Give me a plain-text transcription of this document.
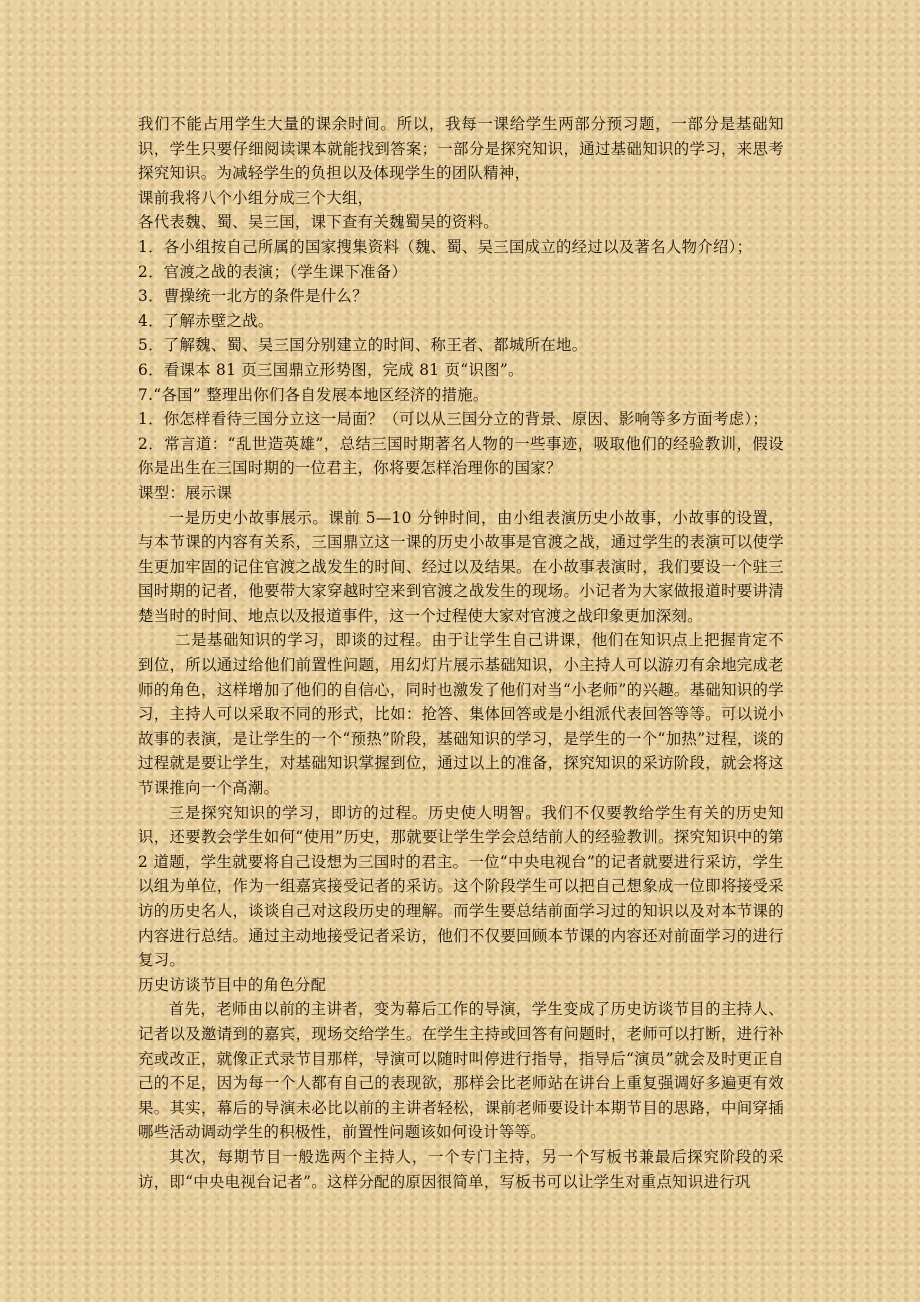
我们不能占用学生大量的课余时间。所以，我每一课给学生两部分预习题，一部分是基础知识，学生只要仔细阅读课本就能找到答案；一部分是探究知识，通过基础知识的学习，来思考探究知识。为减轻学生的负担以及体现学生的团队精神，

课前我将八个小组分成三个大组，

各代表魏、蜀、吴三国，课下查有关魏蜀吴的资料。

1．各小组按自己所属的国家搜集资料（魏、蜀、吴三国成立的经过以及著名人物介绍）；

2．官渡之战的表演；（学生课下准备）

3．曹操统一北方的条件是什么？

4．了解赤壁之战。

5．了解魏、蜀、吴三国分别建立的时间、称王者、都城所在地。

6．看课本 81 页三国鼎立形势图，完成 81 页“识图”。

7.“各国” 整理出你们各自发展本地区经济的措施。

1．你怎样看待三国分立这一局面？（可以从三国分立的背景、原因、影响等多方面考虑）；

2．常言道：“乱世造英雄”，总结三国时期著名人物的一些事迹，吸取他们的经验教训，假设你是出生在三国时期的一位君主，你将要怎样治理你的国家？

课型：展示课

一是历史小故事展示。课前 5—10 分钟时间，由小组表演历史小故事，小故事的设置，与本节课的内容有关系，三国鼎立这一课的历史小故事是官渡之战，通过学生的表演可以使学生更加牢固的记住官渡之战发生的时间、经过以及结果。在小故事表演时，我们要设一个驻三国时期的记者，他要带大家穿越时空来到官渡之战发生的现场。小记者为大家做报道时要讲清楚当时的时间、地点以及报道事件，这一个过程使大家对官渡之战印象更加深刻。

二是基础知识的学习，即谈的过程。由于让学生自己讲课，他们在知识点上把握肯定不到位，所以通过给他们前置性问题，用幻灯片展示基础知识，小主持人可以游刃有余地完成老师的角色，这样增加了他们的自信心，同时也激发了他们对当“小老师”的兴趣。基础知识的学习，主持人可以采取不同的形式，比如：抢答、集体回答或是小组派代表回答等等。可以说小故事的表演，是让学生的一个“预热”阶段，基础知识的学习，是学生的一个“加热”过程，谈的过程就是要让学生，对基础知识掌握到位，通过以上的准备，探究知识的采访阶段，就会将这节课推向一个高潮。

三是探究知识的学习，即访的过程。历史使人明智。我们不仅要教给学生有关的历史知识，还要教会学生如何“使用”历史，那就要让学生学会总结前人的经验教训。探究知识中的第 2 道题，学生就要将自己设想为三国时的君主。一位“中央电视台”的记者就要进行采访，学生以组为单位，作为一组嘉宾接受记者的采访。这个阶段学生可以把自己想象成一位即将接受采访的历史名人，谈谈自己对这段历史的理解。而学生要总结前面学习过的知识以及对本节课的内容进行总结。通过主动地接受记者采访，他们不仅要回顾本节课的内容还对前面学习的进行复习。

历史访谈节目中的角色分配

首先，老师由以前的主讲者，变为幕后工作的导演，学生变成了历史访谈节目的主持人、记者以及邀请到的嘉宾，现场交给学生。在学生主持或回答有问题时，老师可以打断，进行补充或改正，就像正式录节目那样，导演可以随时叫停进行指导，指导后“演员”就会及时更正自己的不足，因为每一个人都有自己的表现欲，那样会比老师站在讲台上重复强调好多遍更有效果。其实，幕后的导演未必比以前的主讲者轻松，课前老师要设计本期节目的思路，中间穿插哪些活动调动学生的积极性，前置性问题该如何设计等等。

其次，每期节目一般选两个主持人，一个专门主持，另一个写板书兼最后探究阶段的采访，即“中央电视台记者”。这样分配的原因很简单，写板书可以让学生对重点知识进行巩
